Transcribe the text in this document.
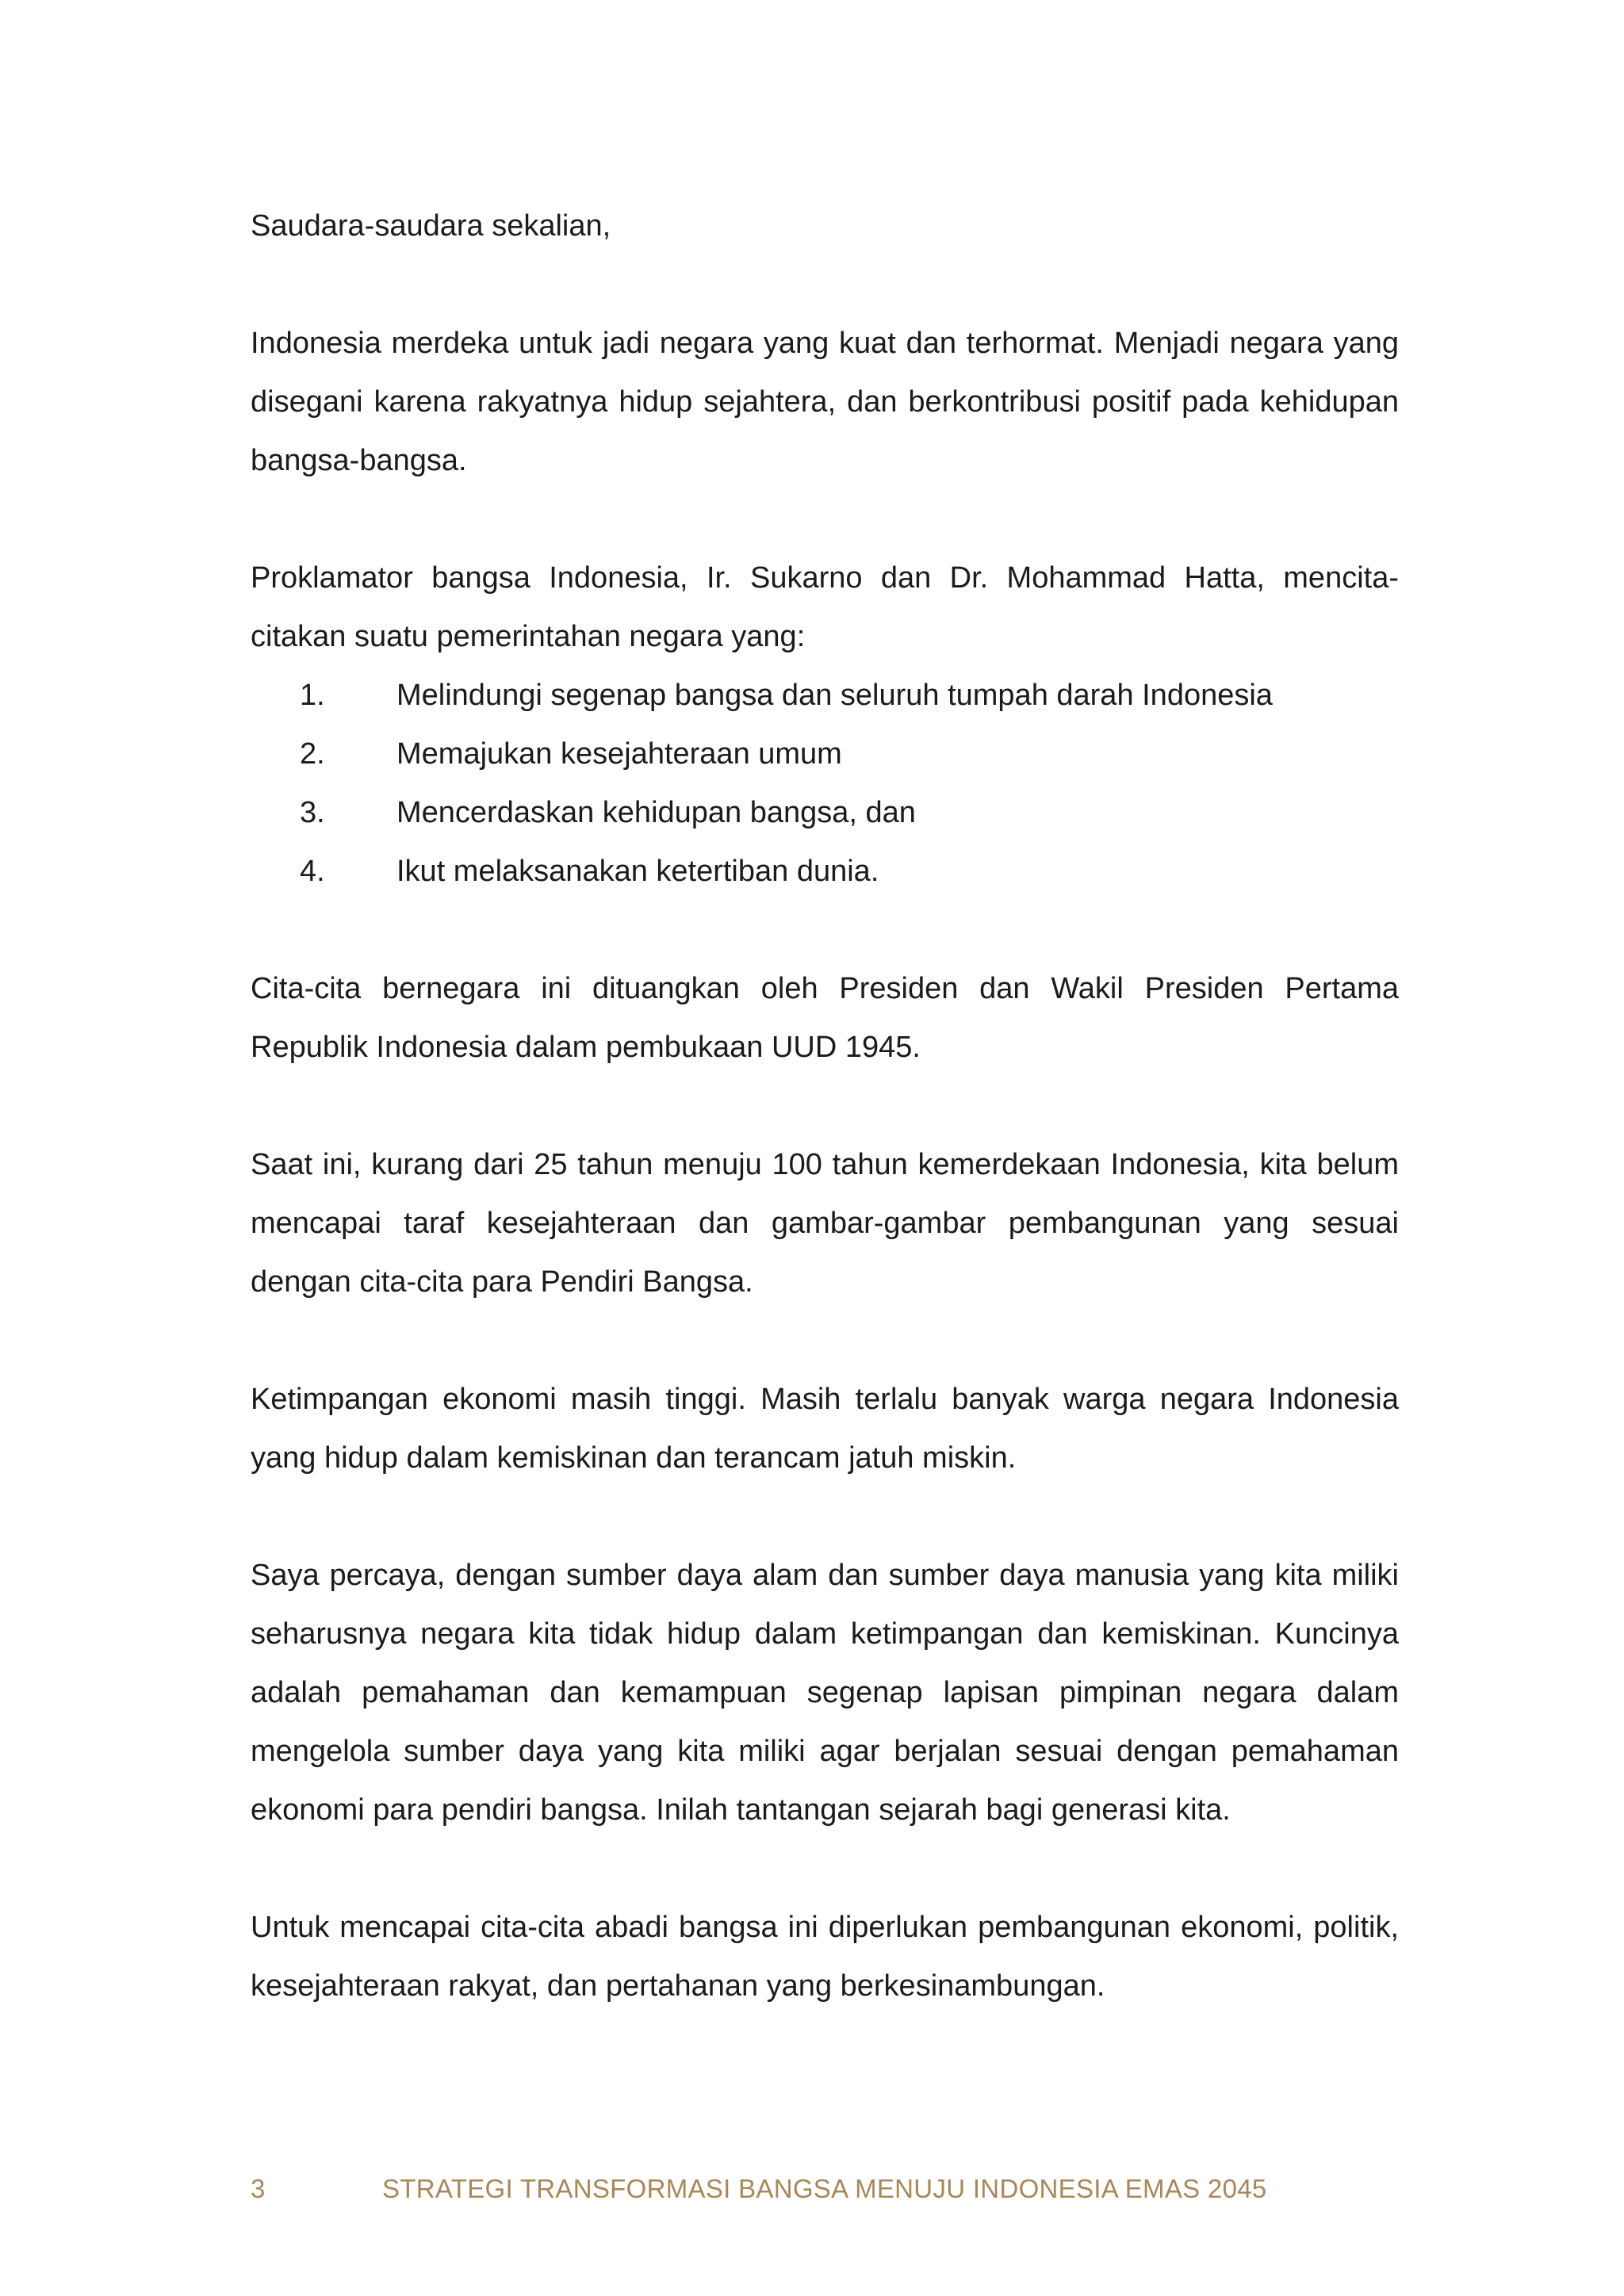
Saudara-saudara sekalian,

Indonesia merdeka untuk jadi negara yang kuat dan terhormat. Menjadi negara yang disegani karena rakyatnya hidup sejahtera, dan berkontribusi positif pada kehidupan bangsa-bangsa.

Proklamator bangsa Indonesia, Ir. Sukarno dan Dr. Mohammad Hatta, mencita-citakan suatu pemerintahan negara yang:

1.	Melindungi segenap bangsa dan seluruh tumpah darah Indonesia
2.	Memajukan kesejahteraan umum
3.	Mencerdaskan kehidupan bangsa, dan
4.	Ikut melaksanakan ketertiban dunia.

Cita-cita bernegara ini dituangkan oleh Presiden dan Wakil Presiden Pertama Republik Indonesia dalam pembukaan UUD 1945.

Saat ini, kurang dari 25 tahun menuju 100 tahun kemerdekaan Indonesia, kita belum mencapai taraf kesejahteraan dan gambar-gambar pembangunan yang sesuai dengan cita-cita para Pendiri Bangsa.

Ketimpangan ekonomi masih tinggi. Masih terlalu banyak warga negara Indonesia yang hidup dalam kemiskinan dan terancam jatuh miskin.

Saya percaya, dengan sumber daya alam dan sumber daya manusia yang kita miliki seharusnya negara kita tidak hidup dalam ketimpangan dan kemiskinan. Kuncinya adalah pemahaman dan kemampuan segenap lapisan pimpinan negara dalam mengelola sumber daya yang kita miliki agar berjalan sesuai dengan pemahaman ekonomi para pendiri bangsa. Inilah tantangan sejarah bagi generasi kita.

Untuk mencapai cita-cita abadi bangsa ini diperlukan pembangunan ekonomi, politik, kesejahteraan rakyat, dan pertahanan yang berkesinambungan.

3	STRATEGI TRANSFORMASI BANGSA MENUJU INDONESIA EMAS 2045
